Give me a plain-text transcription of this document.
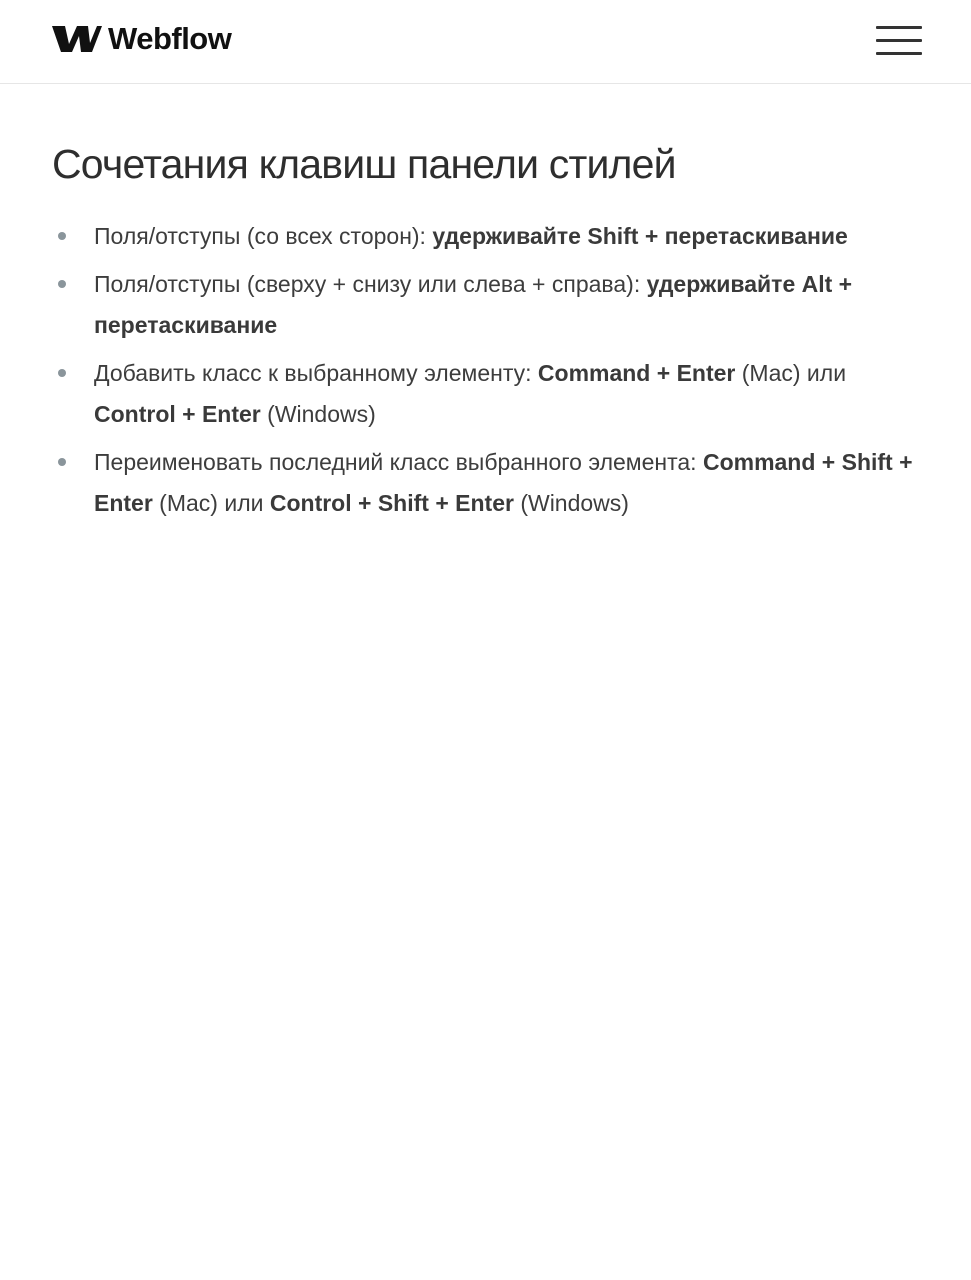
Webflow
Сочетания клавиш панели стилей
Поля/отступы (со всех сторон): удерживайте Shift + перетаскивание
Поля/отступы (сверху + снизу или слева + справа): удерживайте Alt + перетаскивание
Добавить класс к выбранному элементу: Command + Enter (Mac) или Control + Enter (Windows)
Переименовать последний класс выбранного элемента: Command + Shift + Enter (Mac) или Control + Shift + Enter (Windows)
